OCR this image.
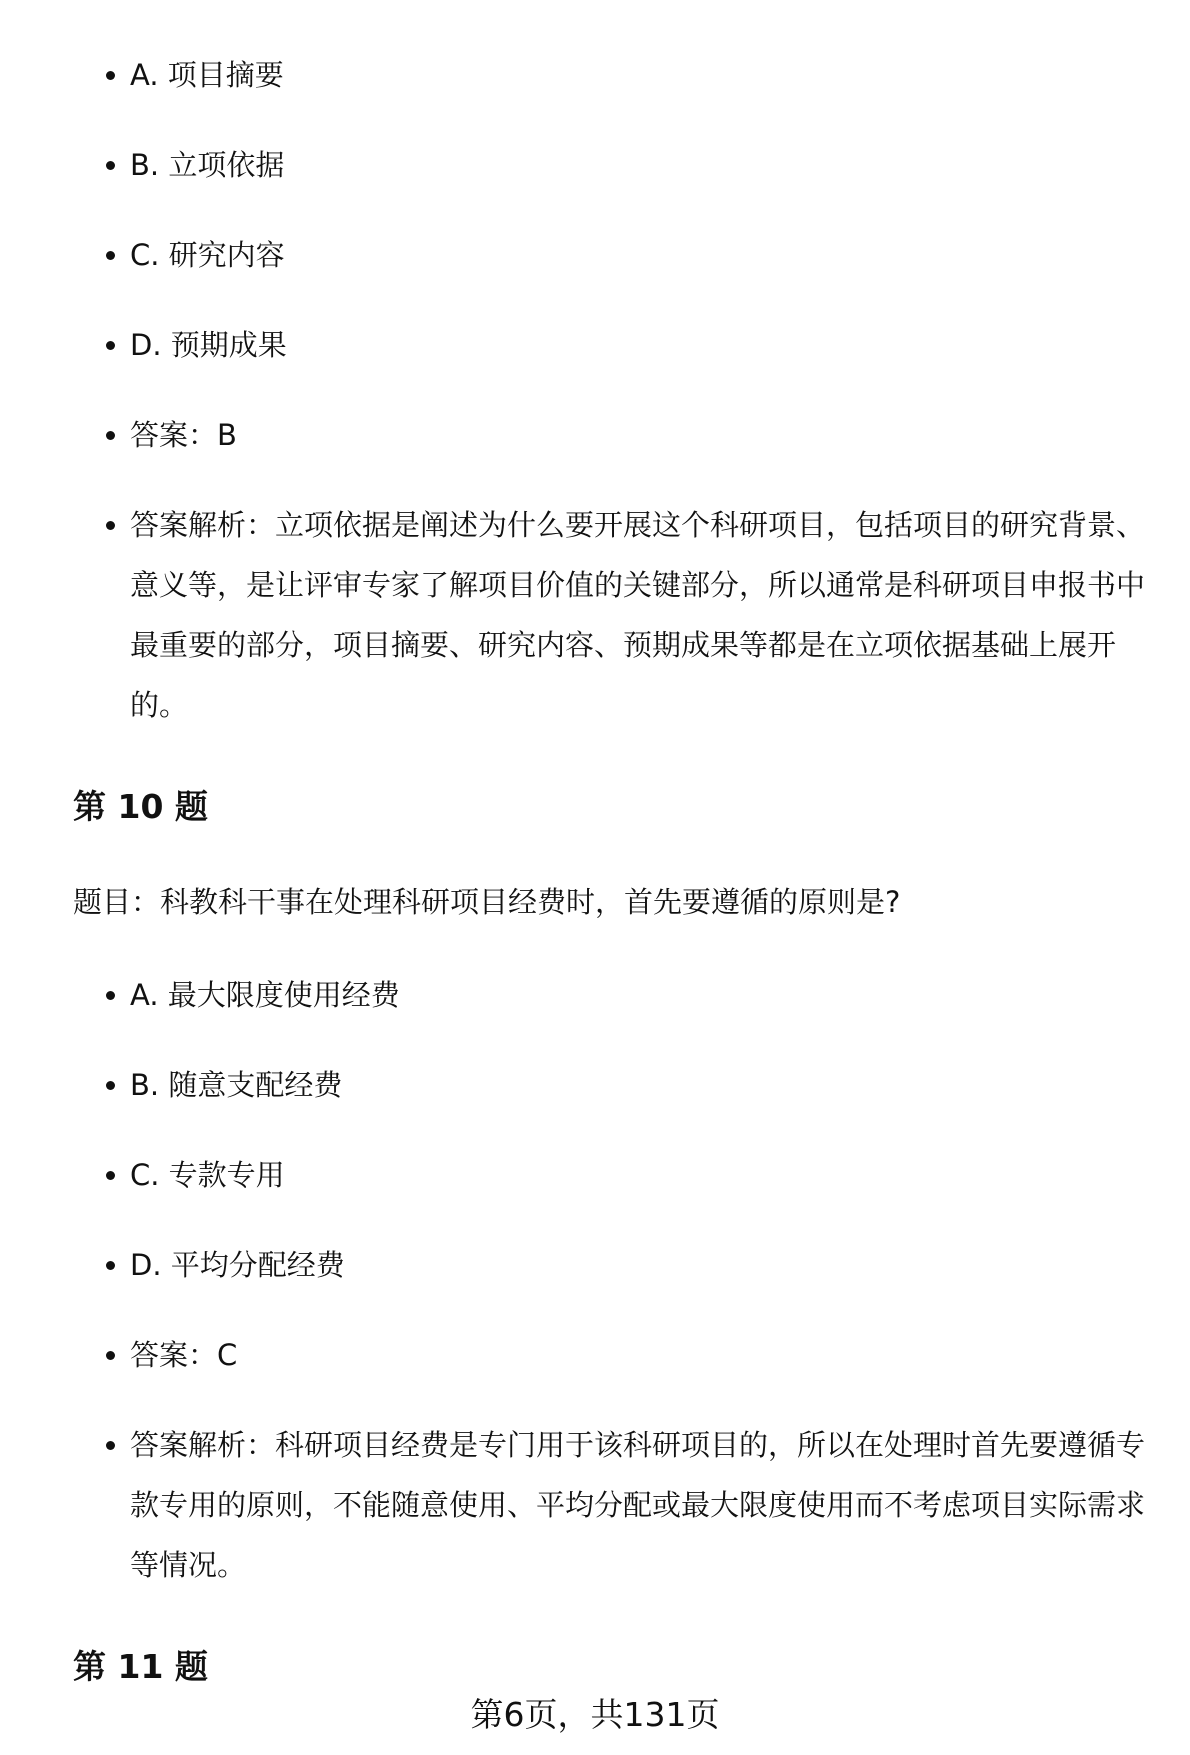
A. 项目摘要
B. 立项依据
C. 研究内容
D. 预期成果
答案：B
答案解析：立项依据是阐述为什么要开展这个科研项目，包括项目的研究背景、意义等，是让评审专家了解项目价值的关键部分，所以通常是科研项目申报书中最重要的部分，项目摘要、研究内容、预期成果等都是在立项依据基础上展开的。
第 10 题
题目：科教科干事在处理科研项目经费时，首先要遵循的原则是?
A. 最大限度使用经费
B. 随意支配经费
C. 专款专用
D. 平均分配经费
答案：C
答案解析：科研项目经费是专门用于该科研项目的，所以在处理时首先要遵循专款专用的原则，不能随意使用、平均分配或最大限度使用而不考虑项目实际需求等情况。
第 11 题
第6页，共131页
